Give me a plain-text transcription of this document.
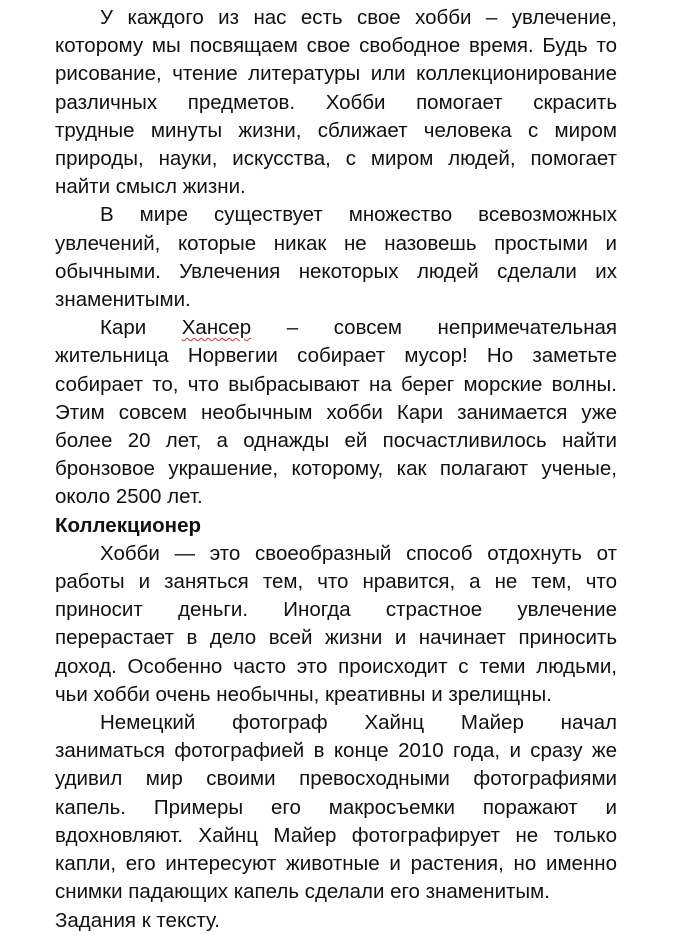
У каждого из нас есть свое хобби – увлечение,
которому мы посвящаем свое свободное время. Будь то
рисование, чтение литературы или коллекционирование
различных предметов. Хобби помогает скрасить
трудные минуты жизни, сближает человека с миром
природы, науки, искусства, с миром людей, помогает
найти смысл жизни.
В мире существует множество всевозможных
увлечений, которые никак не назовешь простыми и
обычными. Увлечения некоторых людей сделали их
знаменитыми.
Кари Хансер – совсем непримечательная
жительница Норвегии собирает мусор! Но заметьте
собирает то, что выбрасывают на берег морские волны.
Этим совсем необычным хобби Кари занимается уже
более 20 лет, а однажды ей посчастливилось найти
бронзовое украшение, которому, как полагают ученые,
около 2500 лет.
Коллекционер
Хобби — это своеобразный способ отдохнуть от
работы и заняться тем, что нравится, а не тем, что
приносит деньги. Иногда страстное увлечение
перерастает в дело всей жизни и начинает приносить
доход. Особенно часто это происходит с теми людьми,
чьи хобби очень необычны, креативны и зрелищны.
Немецкий фотограф Хайнц Майер начал
заниматься фотографией в конце 2010 года, и сразу же
удивил мир своими превосходными фотографиями
капель. Примеры его макросъемки поражают и
вдохновляют. Хайнц Майер фотографирует не только
капли, его интересуют животные и растения, но именно
снимки падающих капель сделали его знаменитым.
Задания к тексту.
